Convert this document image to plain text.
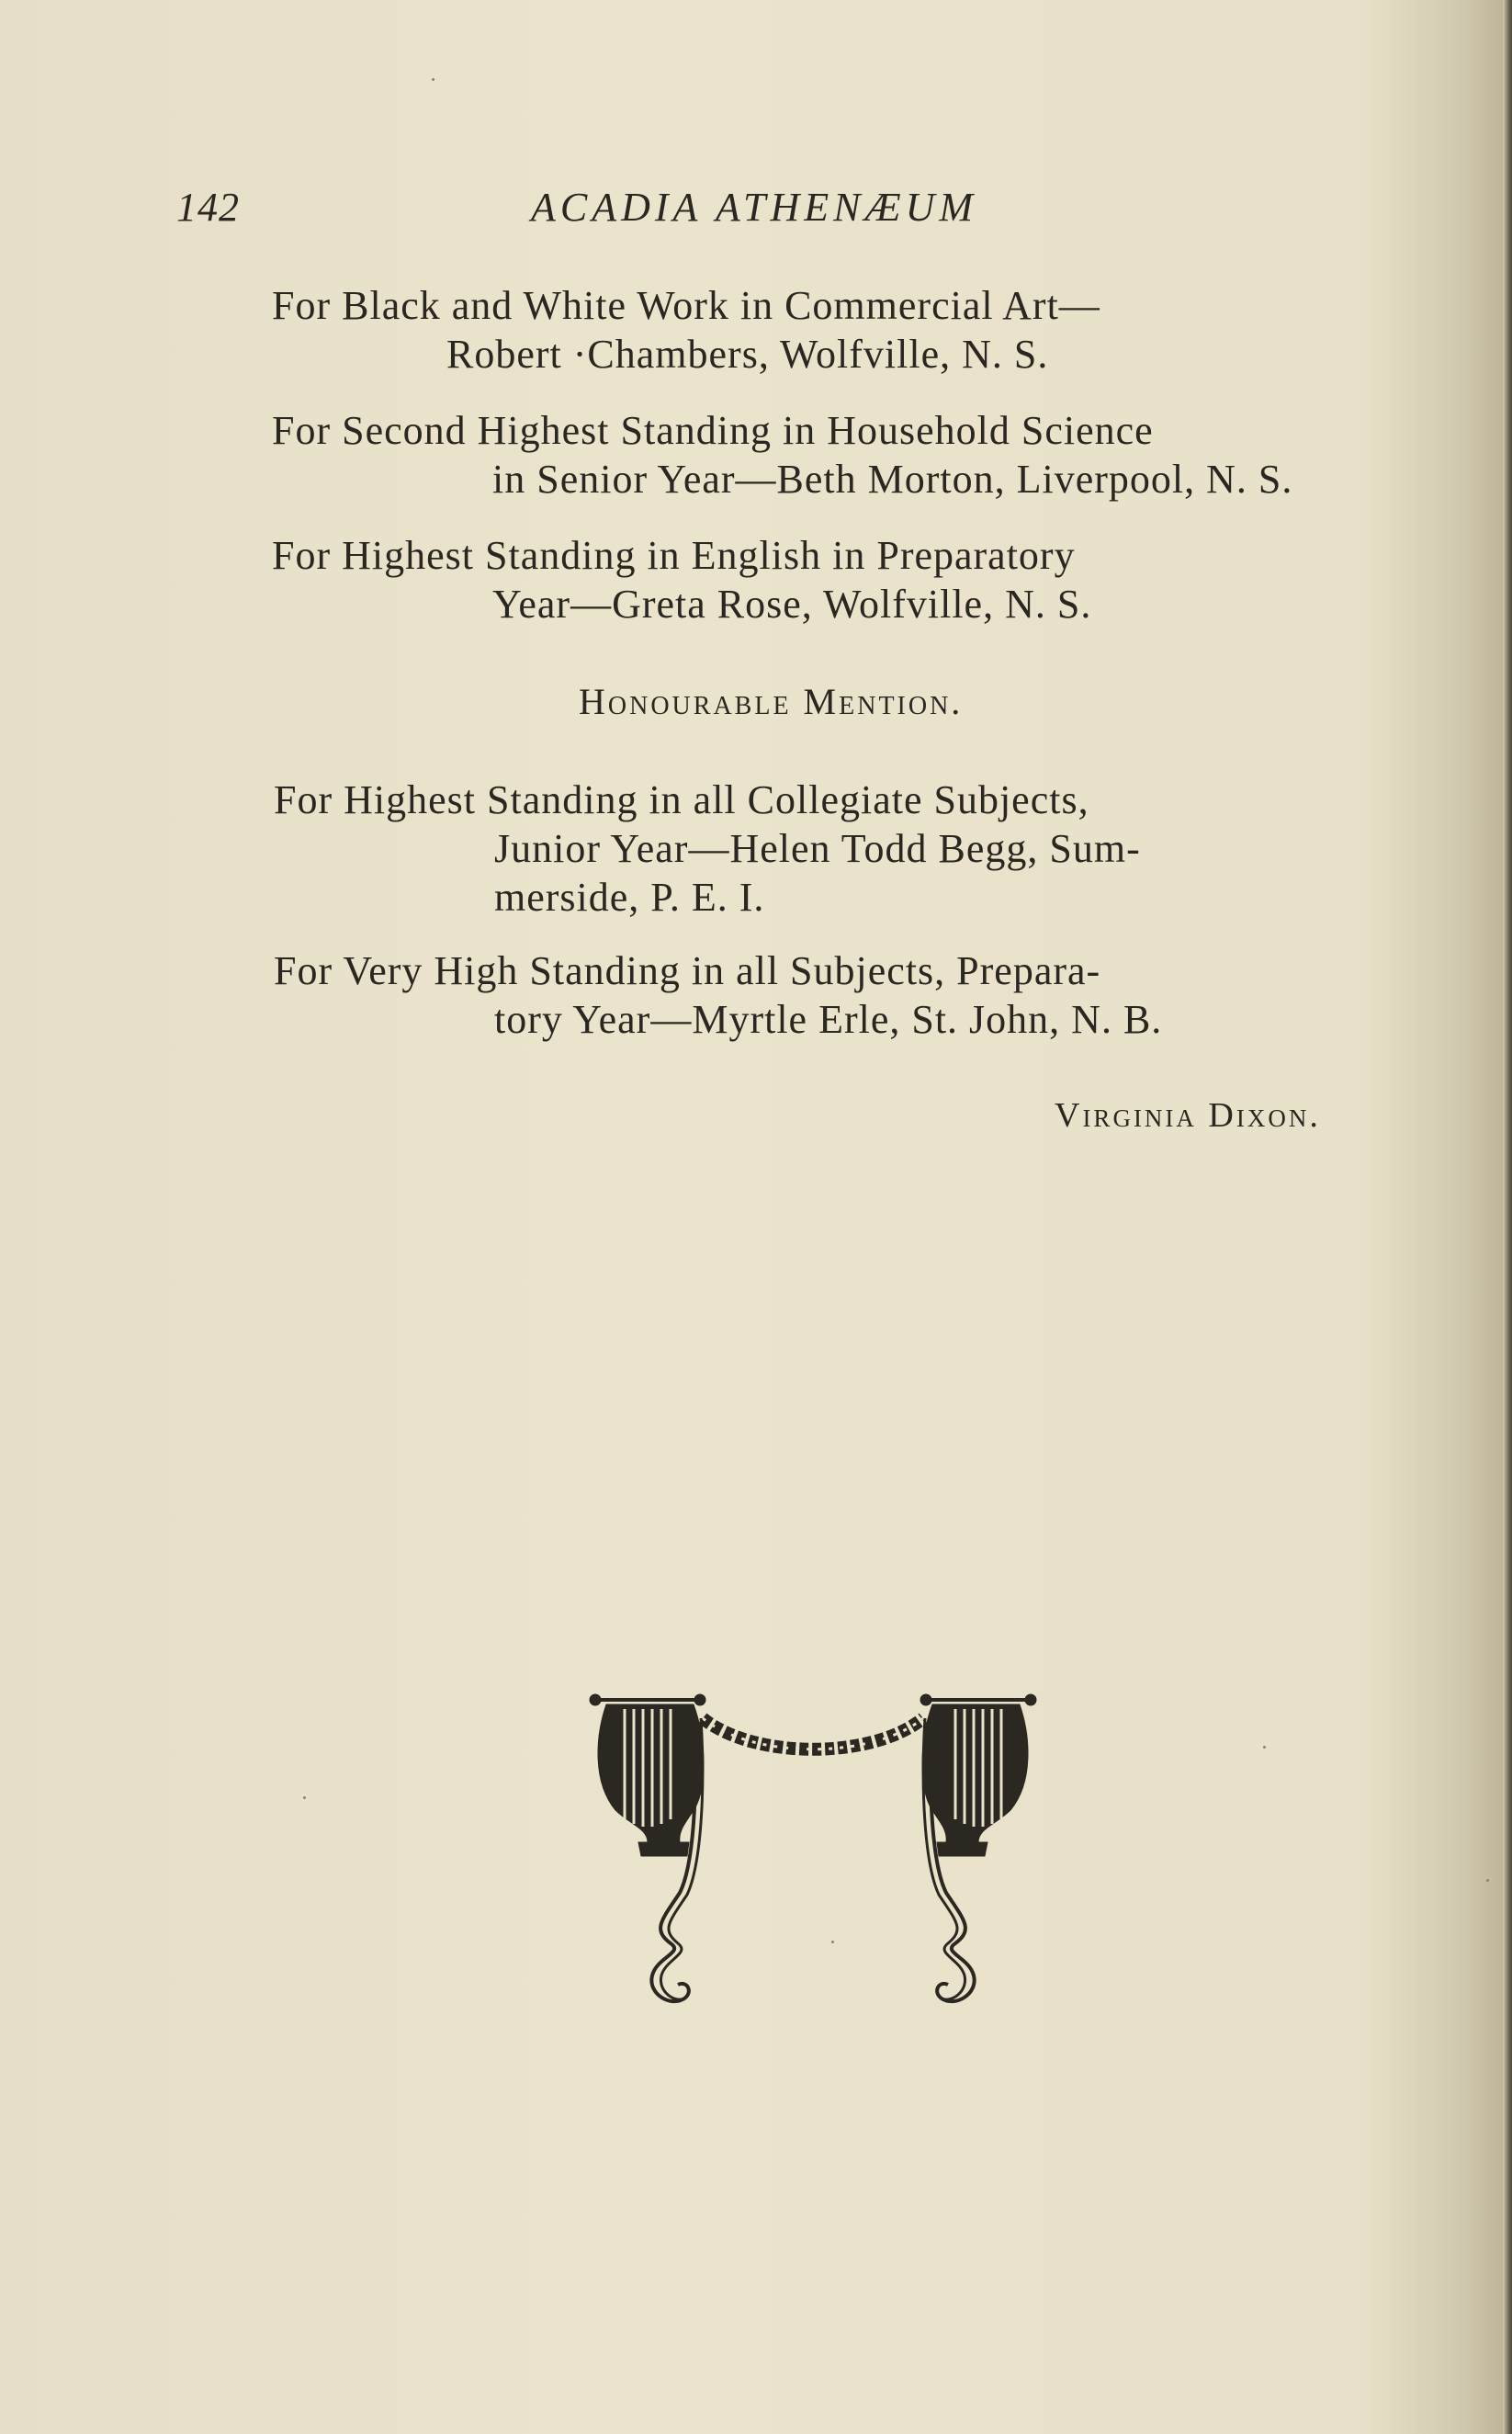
142	ACADIA ATHENÆUM
For Black and White Work in Commercial Art—
Robert ·Chambers, Wolfville, N. S.
For Second Highest Standing in Household Science
in Senior Year—Beth Morton, Liverpool, N. S.
For Highest Standing in English in Preparatory
Year—Greta Rose, Wolfville, N. S.
Honourable Mention.
For Highest Standing in all Collegiate Subjects,
Junior Year—Helen Todd Begg, Sum-
merside, P. E. I.
For Very High Standing in all Subjects, Prepara-
tory Year—Myrtle Erle, St. John, N. B.
Virginia Dixon.
